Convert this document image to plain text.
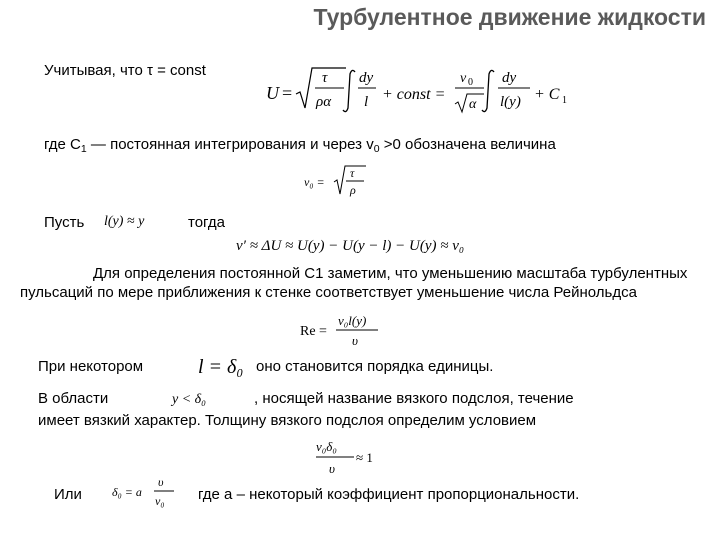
Турбулентное движение жидкости
Учитывая, что τ = const
U =
τ
ρα
dy
l + const =
v 0
α
dy
l(y) + C 1
где $С_1$ — постоянная интегрирования и через $v_0 >0$ обозначена величина
v₀ =
τ
ρ
Пусть l(y) ≈ y	тогда
v′ ≈ ΔU ≈ U(y) − U(y − l) − U(y) ≈ v₀
Для определения постоянной С1 заметим, что уменьшению масштаба турбулентных пульсаций по мере приближения к стенке соответствует уменьшение числа Рейнольдса
Re =
v₀l(y)
υ
При некотором	l = δ₀ оно становится порядка единицы.
В области	y < δ₀	, носящей название вязкого подслоя, течение
имеет вязкий характер. Толщину вязкого подслоя определим условием
v₀δ₀
υ
≈ 1
Или	δ₀ = a
υ
v₀ где а – некоторый коэффициент пропорциональности.
